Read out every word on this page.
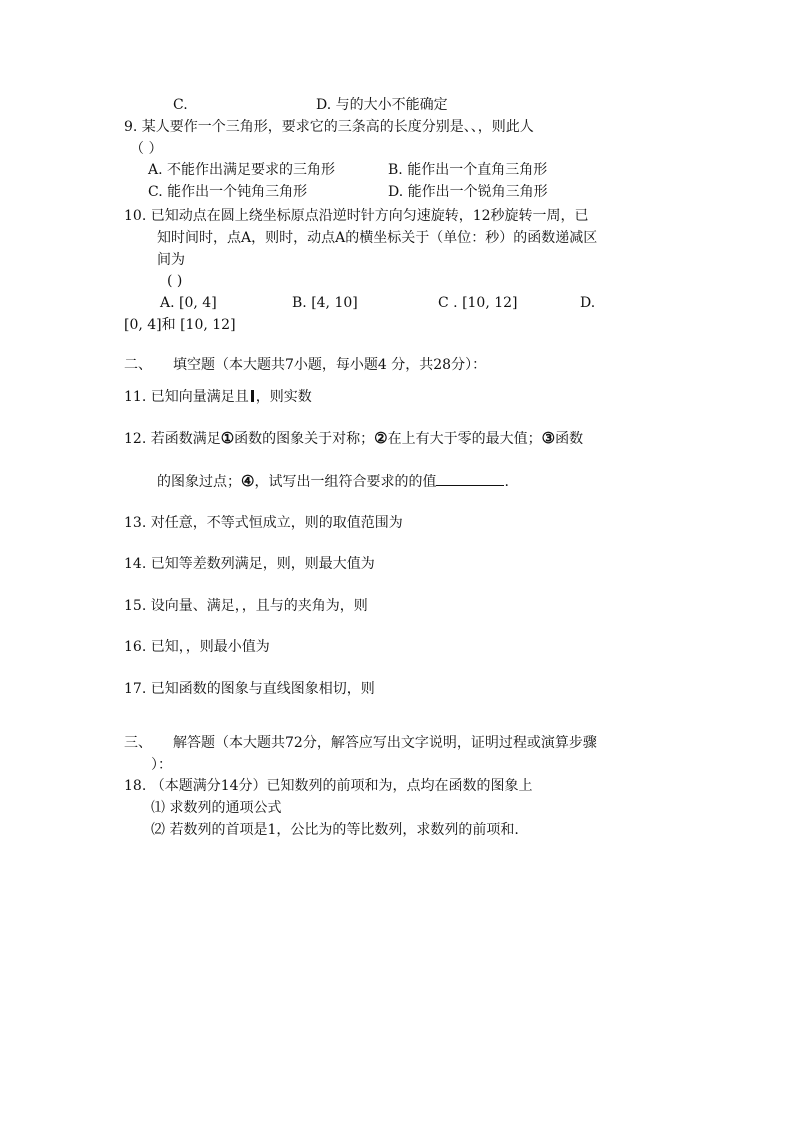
C.	D. 与的大小不能确定
9. 某人要作一个三角形，要求它的三条高的长度分别是、、，则此人
（ ）
A. 不能作出满足要求的三角形	B. 能作出一个直角三角形
C. 能作出一个钝角三角形	D. 能作出一个锐角三角形
10. 已知动点在圆上绕坐标原点沿逆时针方向匀速旋转，12秒旋转一周，已
知时间时，点A，则时，动点A的横坐标关于（单位：秒）的函数递减区
间为
( )
A. [0, 4]	B. [4, 10]	C . [10, 12]	D.
[0, 4]和 [10, 12]
二、 填空题（本大题共7小题，每小题4 分，共28分）：
11. 已知向量满足且 ，则实数
12. 若函数满足①函数的图象关于对称；②在上有大于零的最大值；③函数
的图象过点；④，试写出一组符合要求的的值	.
13. 对任意，不等式恒成立，则的取值范围为
14. 已知等差数列满足，则，则最大值为
15. 设向量、满足，，且与的夹角为，则
16. 已知，，则最小值为
17. 已知函数的图象与直线图象相切，则
三、 解答题（本大题共72分，解答应写出文字说明，证明过程或演算步骤
）：
18. （本题满分14分）已知数列的前项和为，点均在函数的图象上
⑴ 求数列的通项公式
⑵ 若数列的首项是1，公比为的等比数列，求数列的前项和.
